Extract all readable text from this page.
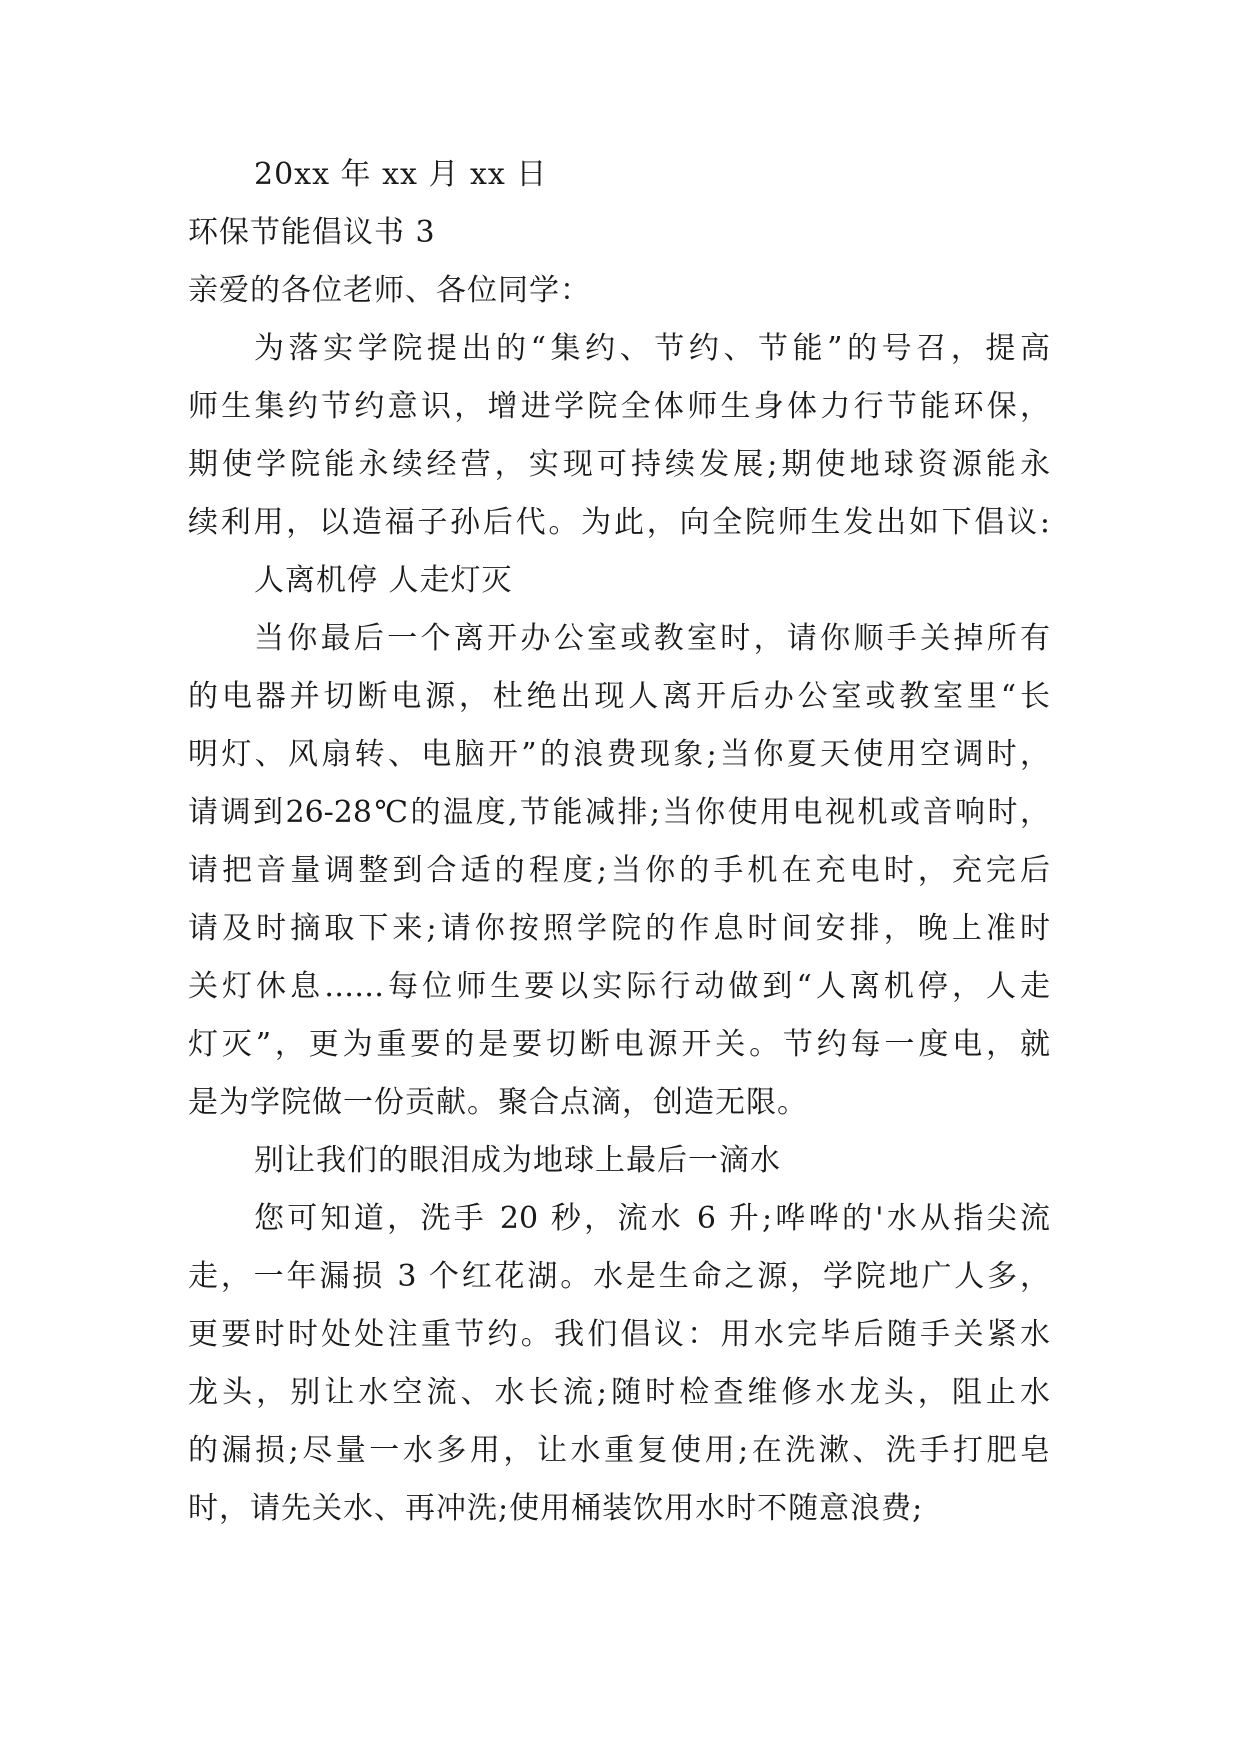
20xx 年 xx 月 xx 日
环保节能倡议书 3
亲爱的各位老师、各位同学：
为落实学院提出的“集约、节约、节能”的号召，提高
师生集约节约意识，增进学院全体师生身体力行节能环保，
期使学院能永续经营，实现可持续发展;期使地球资源能永
续利用，以造福子孙后代。为此，向全院师生发出如下倡议:
人离机停 人走灯灭
当你最后一个离开办公室或教室时，请你顺手关掉所有
的电器并切断电源，杜绝出现人离开后办公室或教室里“长
明灯、风扇转、电脑开”的浪费现象;当你夏天使用空调时，
请调到26-28℃的温度,节能减排;当你使用电视机或音响时，
请把音量调整到合适的程度;当你的手机在充电时，充完后
请及时摘取下来;请你按照学院的作息时间安排，晚上准时
关灯休息……每位师生要以实际行动做到“人离机停，人走
灯灭”，更为重要的是要切断电源开关。节约每一度电，就
是为学院做一份贡献。聚合点滴，创造无限。
别让我们的眼泪成为地球上最后一滴水
您可知道，洗手 20 秒，流水 6 升;哗哗的'水从指尖流
走，一年漏损 3 个红花湖。水是生命之源，学院地广人多，
更要时时处处注重节约。我们倡议：用水完毕后随手关紧水
龙头，别让水空流、水长流;随时检查维修水龙头，阻止水
的漏损;尽量一水多用，让水重复使用;在洗漱、洗手打肥皂
时，请先关水、再冲洗;使用桶装饮用水时不随意浪费;
